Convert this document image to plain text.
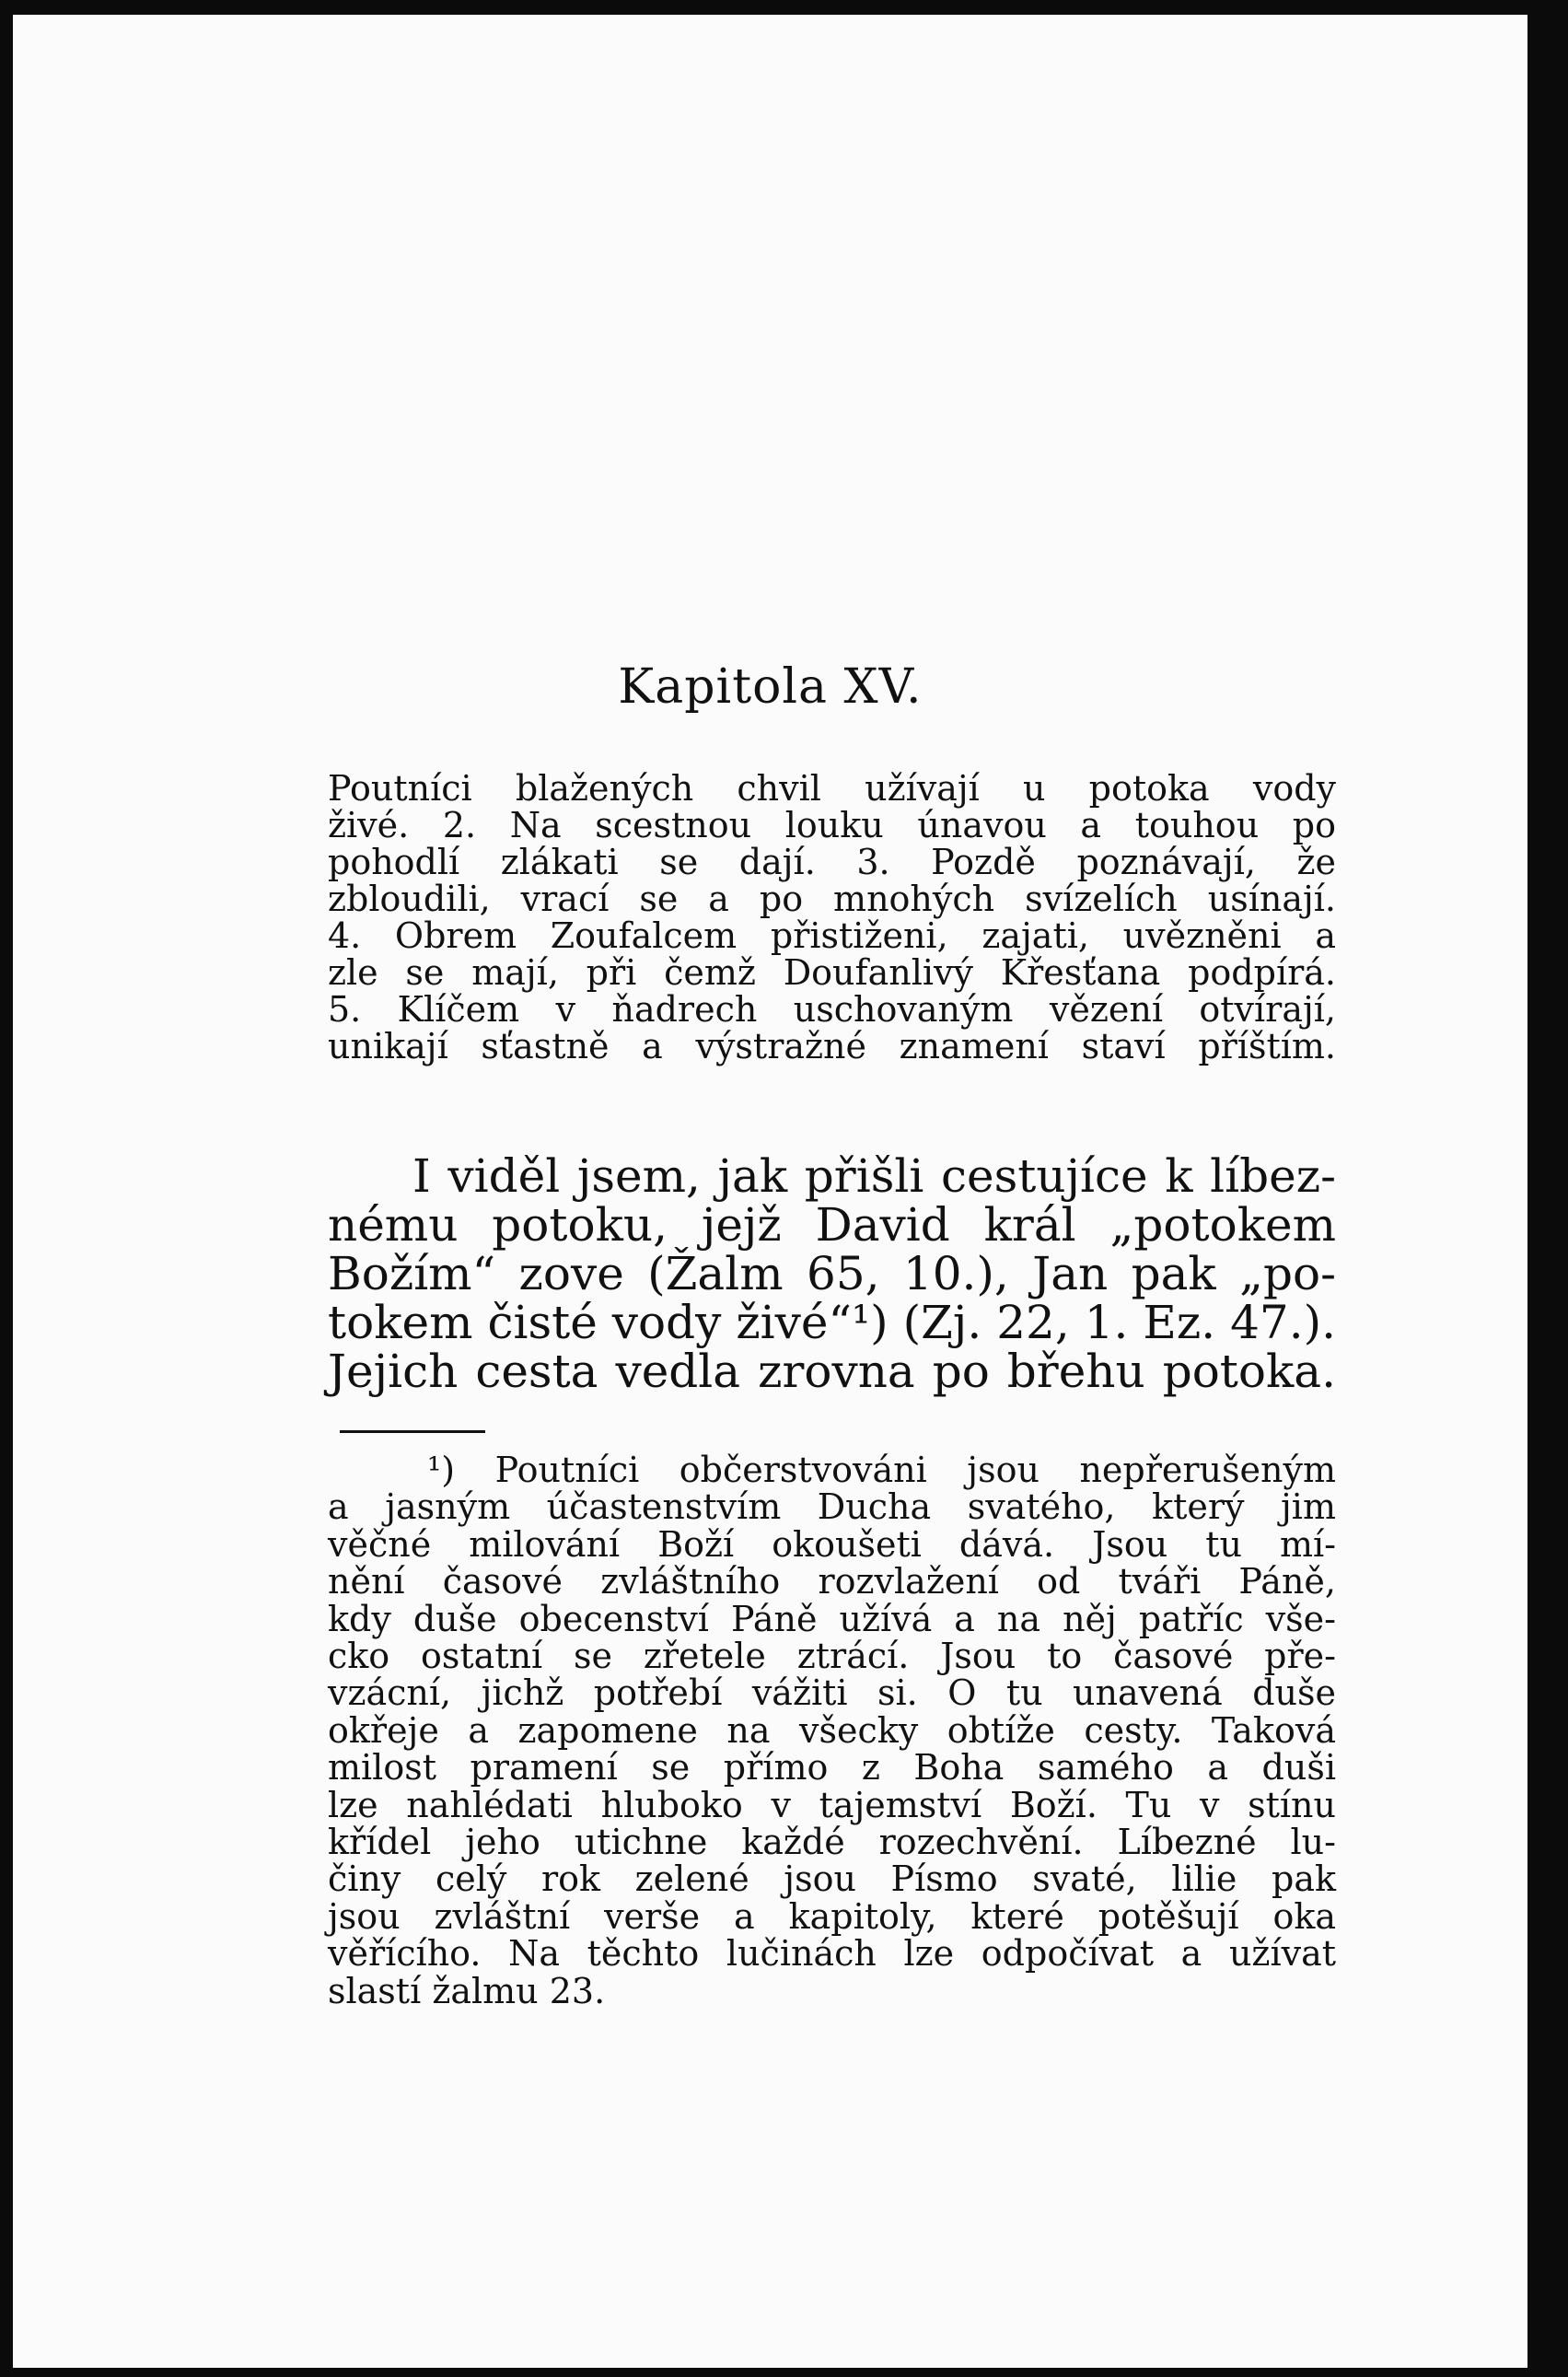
Kapitola XV.
Poutníci blažených chvil užívají u potoka vody
živé. 2. Na scestnou louku únavou a touhou po
pohodlí zlákati se dají. 3. Pozdě poznávají, že
zbloudili, vrací se a po mnohých svízelích usínají.
4. Obrem Zoufalcem přistiženi, zajati, uvězněni a
zle se mají, při čemž Doufanlivý Křesťana podpírá.
5. Klíčem v ňadrech uschovaným vězení otvírají,
unikají sťastně a výstražné znamení staví příštím.
I viděl jsem, jak přišli cestujíce k líbez-
nému potoku, jejž David král „potokem
Božím“ zove (Žalm 65, 10.), Jan pak „po-
tokem čisté vody živé“¹) (Zj. 22, 1. Ez. 47.).
Jejich cesta vedla zrovna po břehu potoka.
¹) Poutníci občerstvováni jsou nepřerušeným
a jasným účastenstvím Ducha svatého, který jim
věčné milování Boží okoušeti dává. Jsou tu mí-
nění časové zvláštního rozvlažení od tváři Páně,
kdy duše obecenství Páně užívá a na něj patříc vše-
cko ostatní se zřetele ztrácí. Jsou to časové pře-
vzácní, jichž potřebí vážiti si. O tu unavená duše
okřeje a zapomene na všecky obtíže cesty. Taková
milost pramení se přímo z Boha samého a duši
lze nahlédati hluboko v tajemství Boží. Tu v stínu
křídel jeho utichne každé rozechvění. Líbezné lu-
činy celý rok zelené jsou Písmo svaté, lilie pak
jsou zvláštní verše a kapitoly, které potěšují oka
věřícího. Na těchto lučinách lze odpočívat a užívat
slastí žalmu 23.
